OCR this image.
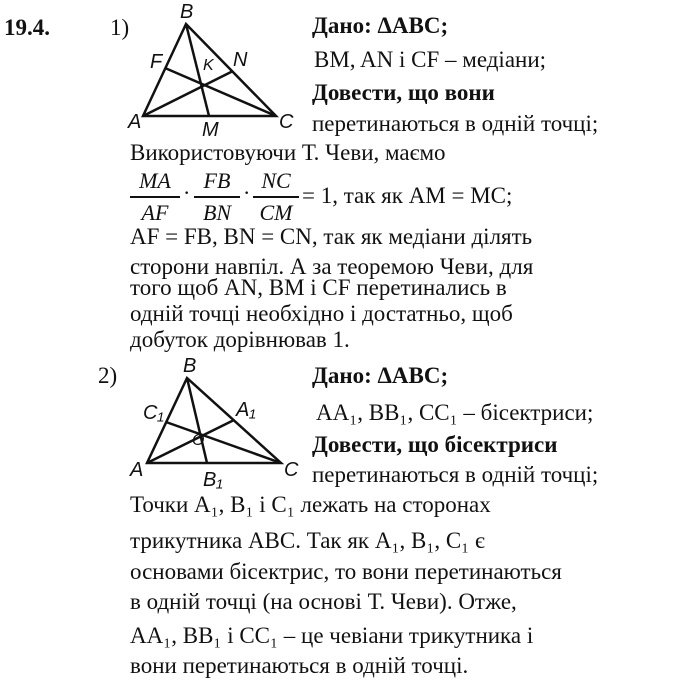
19.4.	1)
B
F	N
K
A	M	C
Дано: ΔABC;
BM, AN і CF – медіани;
Довести, що вони
перетинаються в одній точці;
Використовуючи Т. Чеви, маємо
$\frac{MA}{AF} \cdot \frac{FB}{BN} \cdot \frac{NC}{CM} = 1$, так як AM = MC;
AF = FB, BN = CN, так як медіани ділять
сторони навпіл. А за теоремою Чеви, для
того щоб AN, BM і CF перетинались в
одній точці необхідно і достатньо, щоб
добуток дорівнював 1.
2)	B
C₁	A₁
O
A	B₁	C
Дано: ΔABC;
AA₁, BB₁, CC₁ – бісектриси;
Довести, що бісектриси
перетинаються в одній точці;
Точки A₁, B₁ і C₁ лежать на сторонах
трикутника ABC. Так як A₁, B₁, C₁ є
основами бісектрис, то вони перетинаються
в одній точці (на основі Т. Чеви). Отже,
AA₁, BB₁ і CC₁ – це чевіани трикутника і
вони перетинаються в одній точці.
